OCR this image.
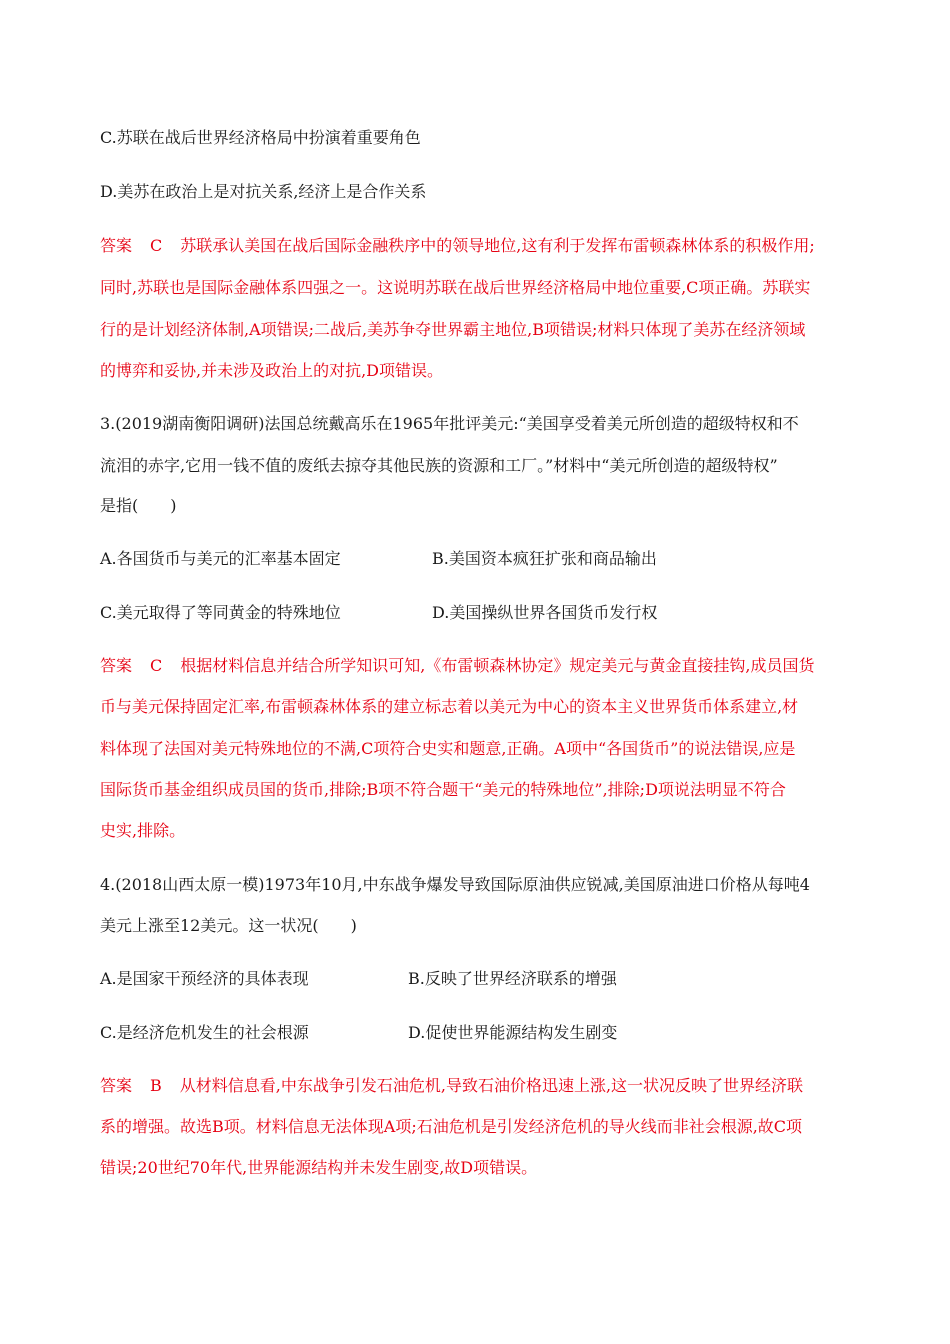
C.苏联在战后世界经济格局中扮演着重要角色
D.美苏在政治上是对抗关系,经济上是合作关系
答案 C 苏联承认美国在战后国际金融秩序中的领导地位,这有利于发挥布雷顿森林体系的积极作用;
同时,苏联也是国际金融体系四强之一。这说明苏联在战后世界经济格局中地位重要,C项正确。苏联实
行的是计划经济体制,A项错误;二战后,美苏争夺世界霸主地位,B项错误;材料只体现了美苏在经济领域
的博弈和妥协,并未涉及政治上的对抗,D项错误。
3.(2019湖南衡阳调研)法国总统戴高乐在1965年批评美元:“美国享受着美元所创造的超级特权和不
流泪的赤字,它用一钱不值的废纸去掠夺其他民族的资源和工厂。”材料中“美元所创造的超级特权”
是指(　　)
A.各国货币与美元的汇率基本固定	B.美国资本疯狂扩张和商品输出
C.美元取得了等同黄金的特殊地位	D.美国操纵世界各国货币发行权
答案 C 根据材料信息并结合所学知识可知,《布雷顿森林协定》规定美元与黄金直接挂钩,成员国货
币与美元保持固定汇率,布雷顿森林体系的建立标志着以美元为中心的资本主义世界货币体系建立,材
料体现了法国对美元特殊地位的不满,C项符合史实和题意,正确。A项中“各国货币”的说法错误,应是
国际货币基金组织成员国的货币,排除;B项不符合题干“美元的特殊地位”,排除;D项说法明显不符合
史实,排除。
4.(2018山西太原一模)1973年10月,中东战争爆发导致国际原油供应锐减,美国原油进口价格从每吨4
美元上涨至12美元。这一状况(　　)
A.是国家干预经济的具体表现	B.反映了世界经济联系的增强
C.是经济危机发生的社会根源	D.促使世界能源结构发生剧变
答案 B 从材料信息看,中东战争引发石油危机,导致石油价格迅速上涨,这一状况反映了世界经济联
系的增强。故选B项。材料信息无法体现A项;石油危机是引发经济危机的导火线而非社会根源,故C项
错误;20世纪70年代,世界能源结构并未发生剧变,故D项错误。
